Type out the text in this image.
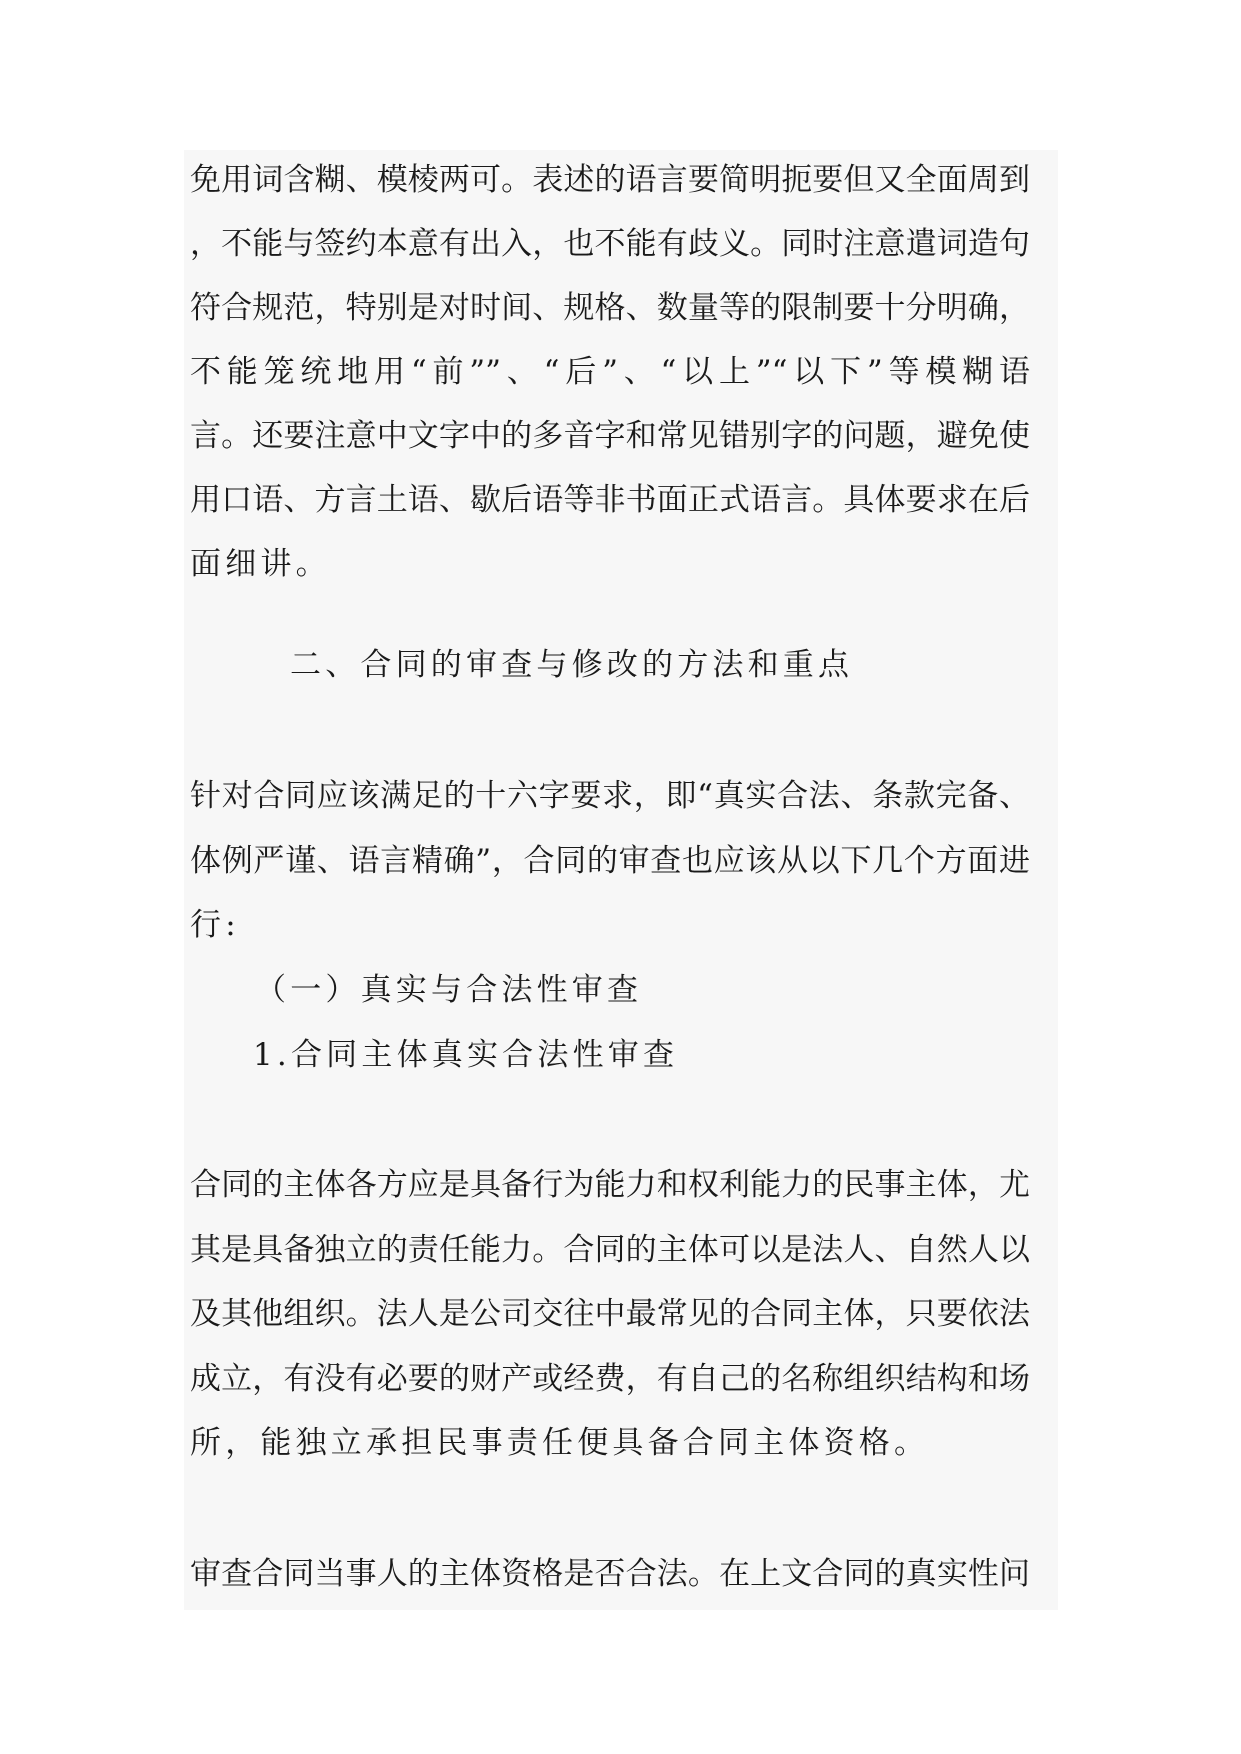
免用词含糊、模棱两可。表述的语言要简明扼要但又全面周到
，不能与签约本意有出入，也不能有歧义。同时注意遣词造句
符合规范，特别是对时间、规格、数量等的限制要十分明确，
不能笼统地用“前””、“后”、“以上”“以下”等模糊语
言。还要注意中文字中的多音字和常见错别字的问题，避免使
用口语、方言土语、歇后语等非书面正式语言。具体要求在后
面细讲。
二、合同的审查与修改的方法和重点
针对合同应该满足的十六字要求，即“真实合法、条款完备、
体例严谨、语言精确”，合同的审查也应该从以下几个方面进
行:
（一）真实与合法性审查
1.合同主体真实合法性审查
合同的主体各方应是具备行为能力和权利能力的民事主体，尤
其是具备独立的责任能力。合同的主体可以是法人、自然人以
及其他组织。法人是公司交往中最常见的合同主体，只要依法
成立，有没有必要的财产或经费，有自己的名称组织结构和场
所，能独立承担民事责任便具备合同主体资格。
审查合同当事人的主体资格是否合法。在上文合同的真实性问
